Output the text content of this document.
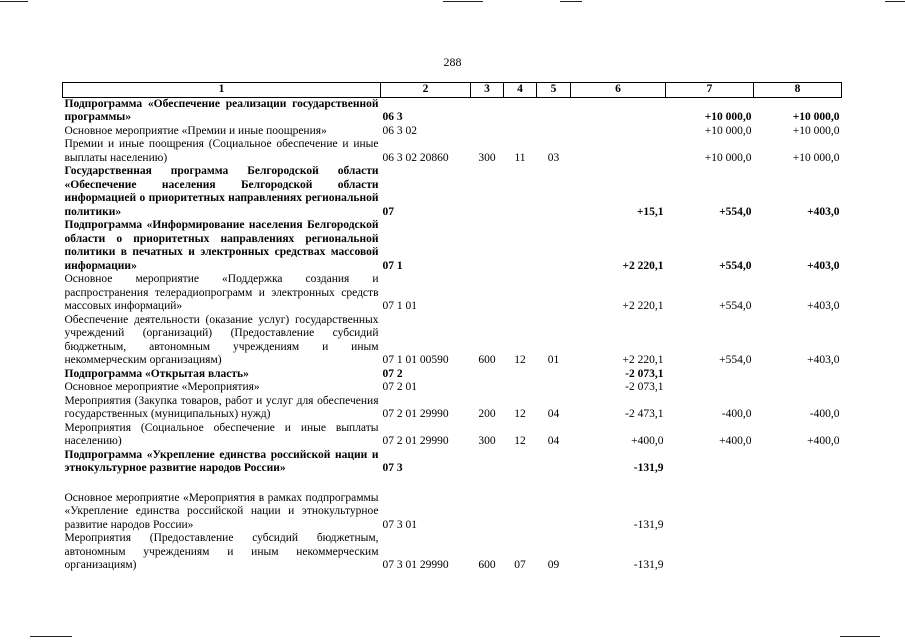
288
1	2	3	4	5	6	7	8
Подпрограмма «Обеспечение реализации государственной программы»	06 3					+10 000,0	+10 000,0
Основное мероприятие «Премии и иные поощрения»	06 3 02					+10 000,0	+10 000,0
Премии и иные поощрения (Социальное обеспечение и иные выплаты населению)	06 3 02 20860	300	11	03		+10 000,0	+10 000,0
Государственная программа Белгородской области «Обеспечение населения Белгородской области информацией о приоритетных направлениях региональной политики»	07				+15,1	+554,0	+403,0
Подпрограмма «Информирование населения Белгородской области о приоритетных направлениях региональной политики в печатных и электронных средствах массовой информации»	07 1				+2 220,1	+554,0	+403,0
Основное мероприятие «Поддержка создания и распространения телерадиопрограмм и электронных средств массовых информаций»	07 1 01				+2 220,1	+554,0	+403,0
Обеспечение деятельности (оказание услуг) государственных учреждений (организаций) (Предоставление субсидий бюджетным, автономным учреждениям и иным некоммерческим организациям)	07 1 01 00590	600	12	01	+2 220,1	+554,0	+403,0
Подпрограмма «Открытая власть»	07 2				-2 073,1		
Основное мероприятие «Мероприятия»	07 2 01				-2 073,1		
Мероприятия (Закупка товаров, работ и услуг для обеспечения государственных (муниципальных) нужд)	07 2 01 29990	200	12	04	-2 473,1	-400,0	-400,0
Мероприятия (Социальное обеспечение и иные выплаты населению)	07 2 01 29990	300	12	04	+400,0	+400,0	+400,0
Подпрограмма «Укрепление единства российской нации и этнокультурное развитие народов России»	07 3				-131,9		

Основное мероприятие «Мероприятия в рамках подпрограммы «Укрепление единства российской нации и этнокультурное развитие народов России»	07 3 01				-131,9		
Мероприятия (Предоставление субсидий бюджетным, автономным учреждениям и иным некоммерческим организациям)	07 3 01 29990	600	07	09	-131,9		
